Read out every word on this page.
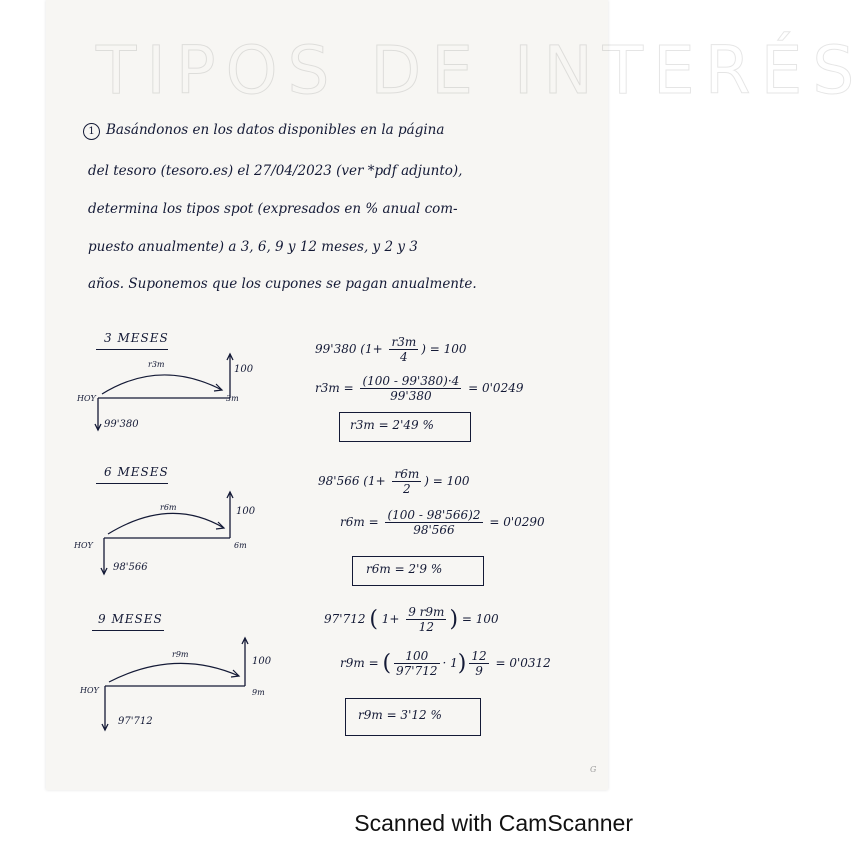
TIPOS DE INTERÉS
1 Basándonos en los datos disponibles en la página
del tesoro (tesoro.es) el 27/04/2023 (ver *pdf adjunto),
determina los tipos spot (expresados en % anual com-
puesto anualmente) a 3, 6, 9 y 12 meses, y 2 y 3
años. Suponemos que los cupones se pagan anualmente.
3 MESES
r3m	100
HOY	3m
99'380
99'380 ($1+ \frac{r3m}{4}$ ) = 100
$r3m = \frac{(100 - 99'380)\cdot 4}{99'380} = 0'0249$
r3m = 2'49 %
6 MESES
r6m	100
HOY	6m
98'566
98'566 ($1+ \frac{r6m}{2}$ ) = 100
$r6m = \frac{(100 - 98'566)2}{98'566} = 0'0290$
r6m = 2'9 %
9 MESES
r9m
100
HOY	9m
97'712
97'712 ( $1+ \frac{9 r9m}{12}$ ) = 100
r9m = ( $\frac{100}{97'712} \cdot 1) \frac{12}{9} = 0'0312$
r9m = 3'12 %
G
Scanned with CamScanner
